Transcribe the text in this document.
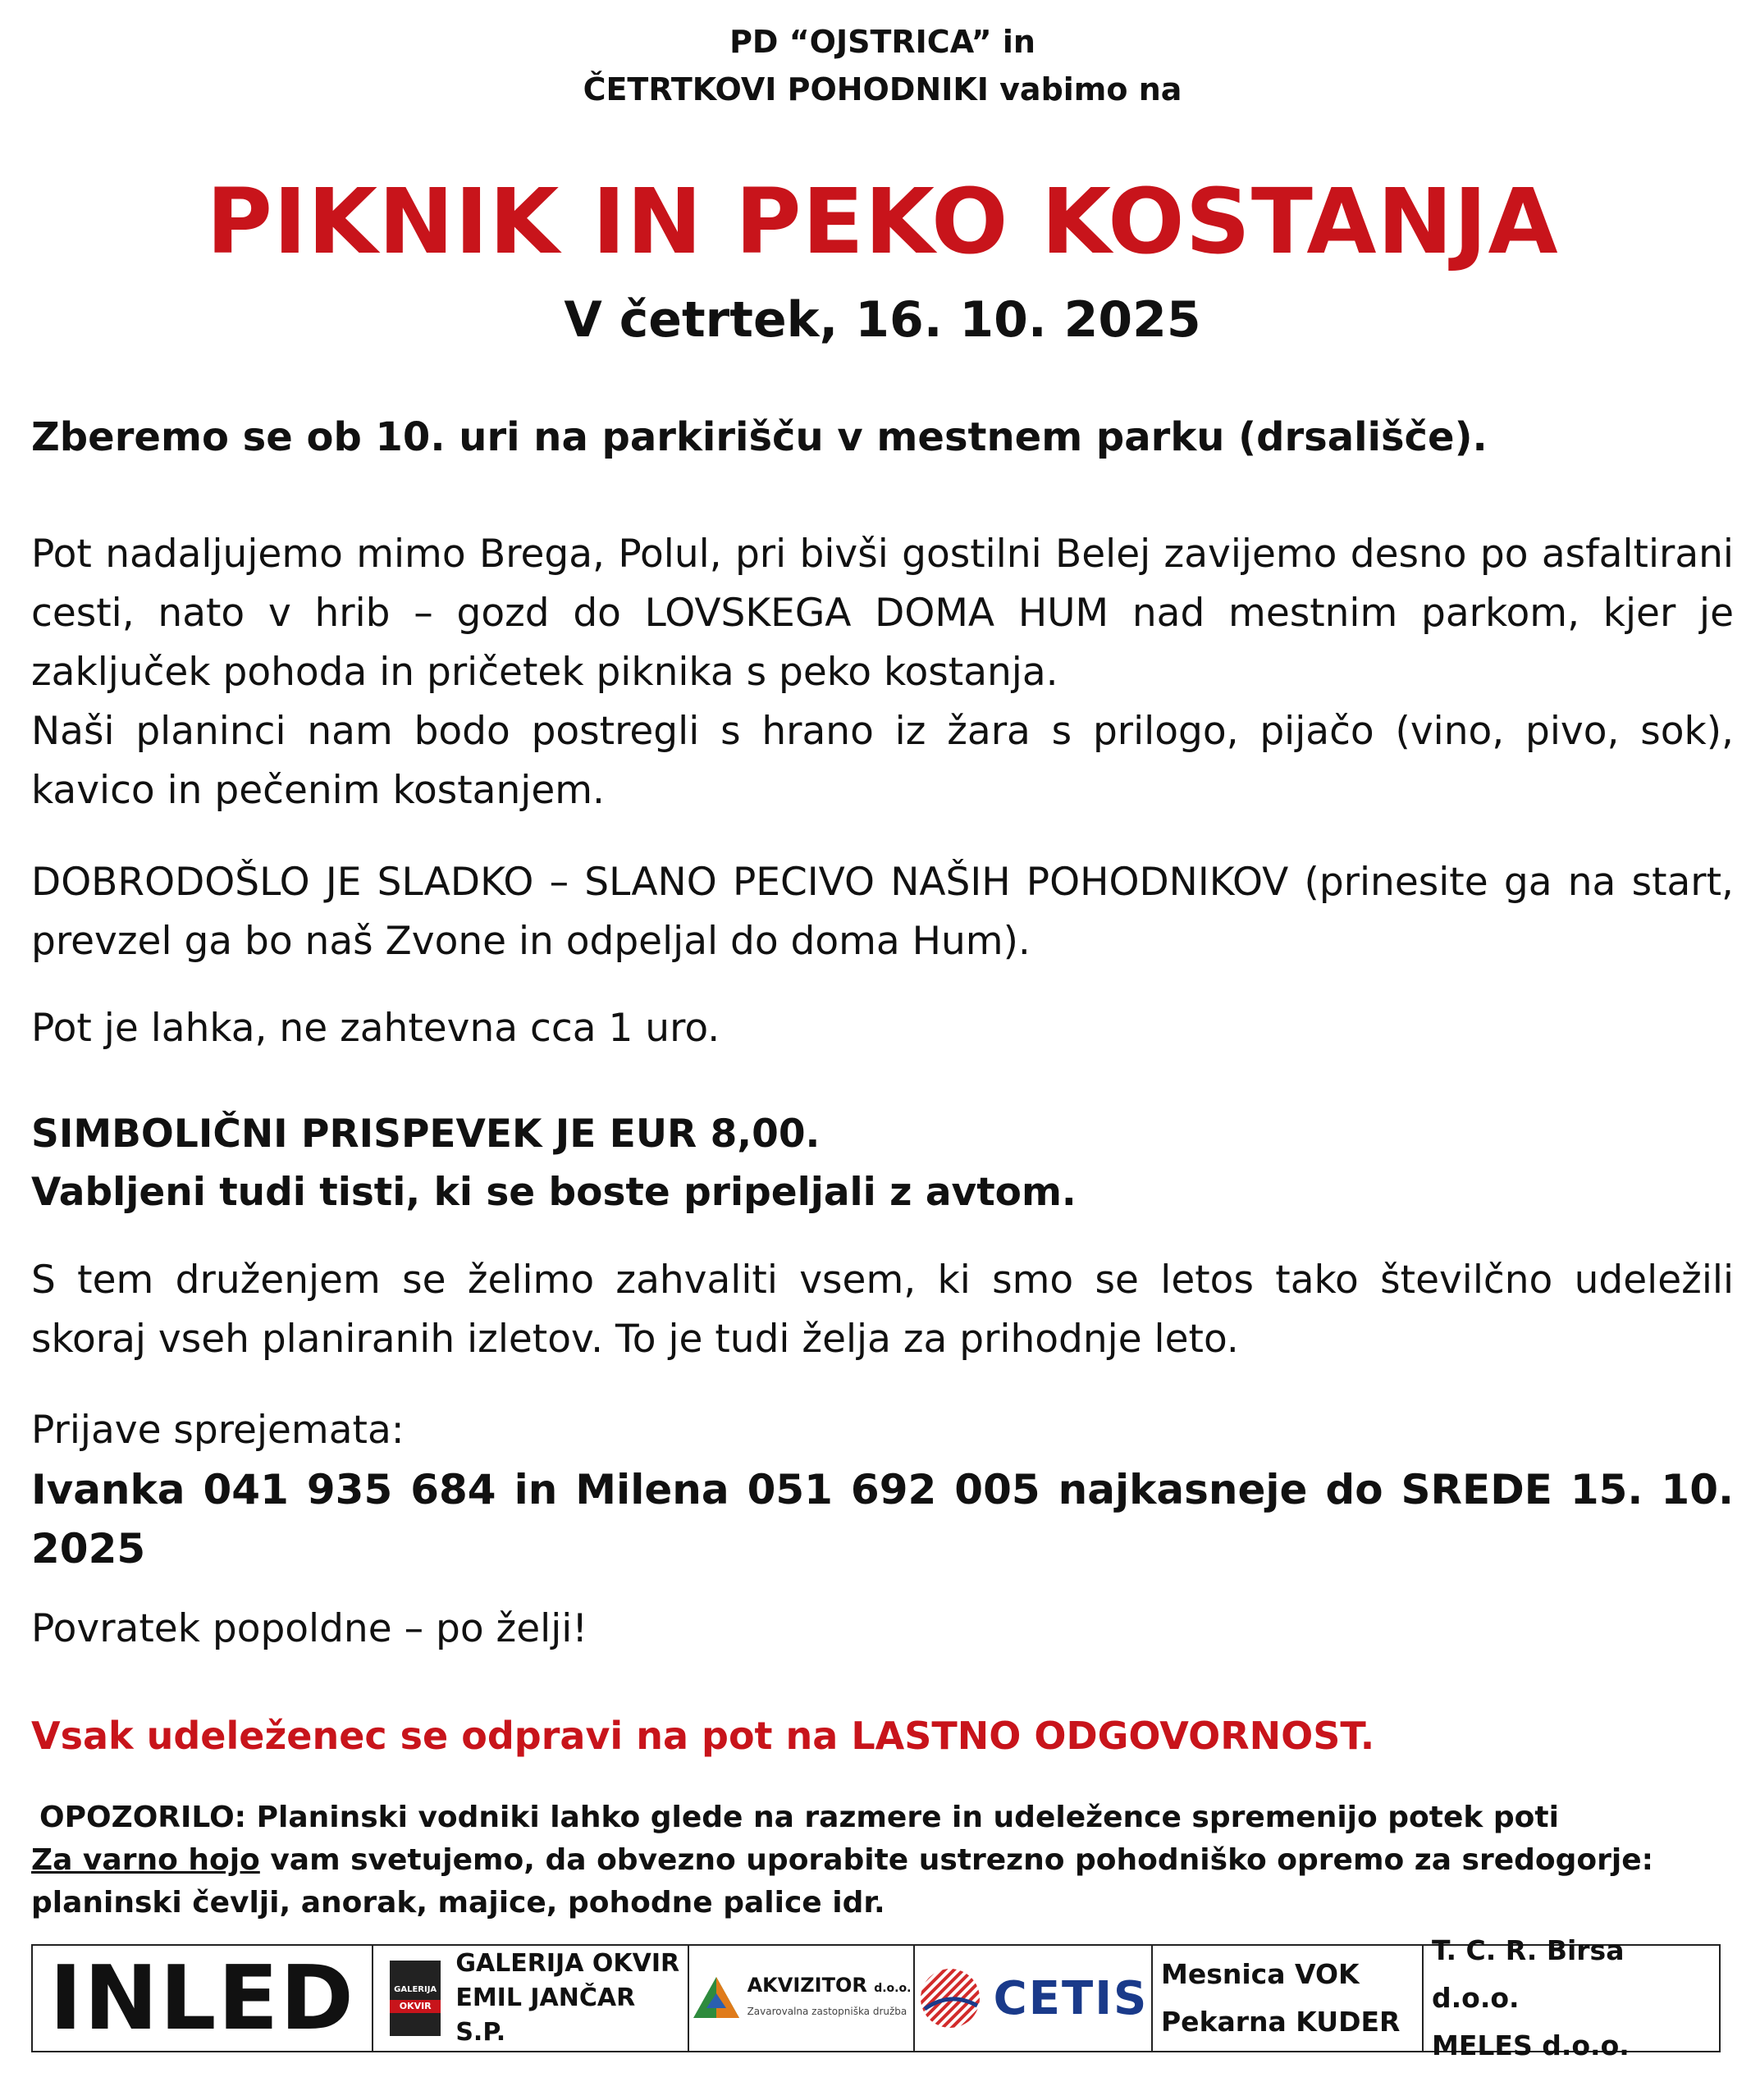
PD “OJSTRICA” in
ČETRTKOVI POHODNIKI vabimo na
PIKNIK IN PEKO KOSTANJA
V četrtek, 16. 10. 2025
Zberemo se ob 10. uri na parkirišču v mestnem parku (drsališče).
Pot nadaljujemo mimo Brega, Polul, pri bivši gostilni Belej zavijemo desno po asfaltirani cesti, nato v hrib – gozd do LOVSKEGA DOMA HUM nad mestnim parkom, kjer je zaključek pohoda in pričetek piknika s peko kostanja.
Naši planinci nam bodo postregli s hrano iz žara s prilogo, pijačo (vino, pivo, sok), kavico in pečenim kostanjem.
DOBRODOŠLO JE SLADKO – SLANO PECIVO NAŠIH POHODNIKOV (prinesite ga na start, prevzel ga bo naš Zvone in odpeljal do doma Hum).
Pot je lahka, ne zahtevna cca 1 uro.
SIMBOLIČNI PRISPEVEK JE EUR 8,00.
Vabljeni tudi tisti, ki se boste pripeljali z avtom.
S tem druženjem se želimo zahvaliti vsem, ki smo se letos tako številčno udeležili skoraj vseh planiranih izletov. To je tudi želja za prihodnje leto.
Prijave sprejemata:
Ivanka 041 935 684 in Milena 051 692 005 najkasneje do SREDE 15. 10. 2025
Povratek popoldne – po želji!
Vsak udeleženec se odpravi na pot na LASTNO ODGOVORNOST.
OPOZORILO: Planinski vodniki lahko glede na razmere in udeležence spremenijo potek poti
Za varno hojo vam svetujemo, da obvezno uporabite ustrezno pohodniško opremo za sredogorje:
planinski čevlji, anorak, majice, pohodne palice idr.
INLED	GALERIJA
OKVIR
GALERIJA OKVIR
EMIL JANČAR S.P.
AKVIZITOR d.o.o.
Zavarovalna zastopniška družba CETIS Mesnica VOK
Pekarna KUDER
T. C. R. Birsa d.o.o.
MELES d.o.o.
